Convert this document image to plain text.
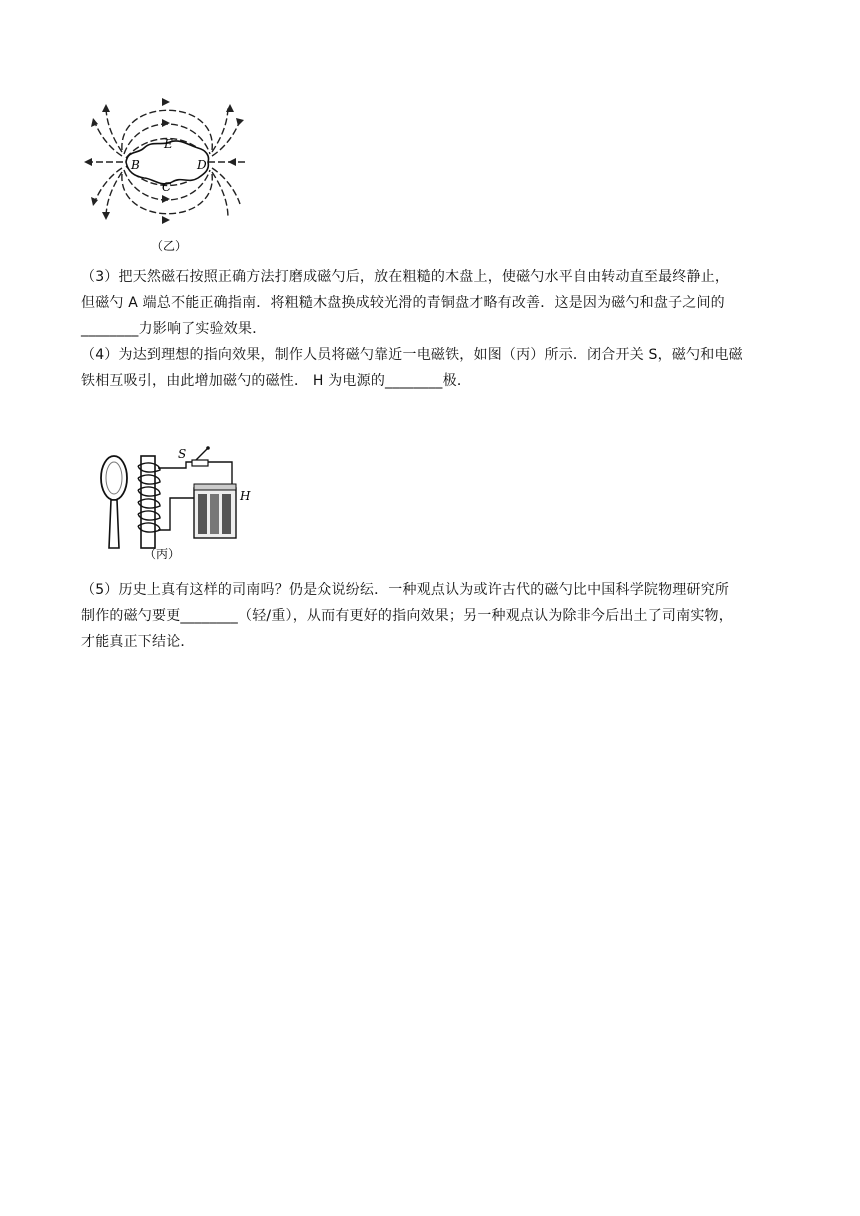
B
E
D
C
（乙）
（3）把天然磁石按照正确方法打磨成磁勺后，放在粗糙的木盘上，使磁勺水平自由转动直至最终静止，
但磁勺 A 端总不能正确指南．将粗糙木盘换成较光滑的青铜盘才略有改善．这是因为磁勺和盘子之间的
________力影响了实验效果．
（4）为达到理想的指向效果，制作人员将磁勺靠近一电磁铁，如图（丙）所示．闭合开关 S，磁勺和电磁
铁相互吸引，由此增加磁勺的磁性． H 为电源的________极．
S
H
（丙）
（5）历史上真有这样的司南吗？仍是众说纷纭．一种观点认为或许古代的磁勺比中国科学院物理研究所
制作的磁勺要更________（轻/重），从而有更好的指向效果；另一种观点认为除非今后出土了司南实物，
才能真正下结论．
